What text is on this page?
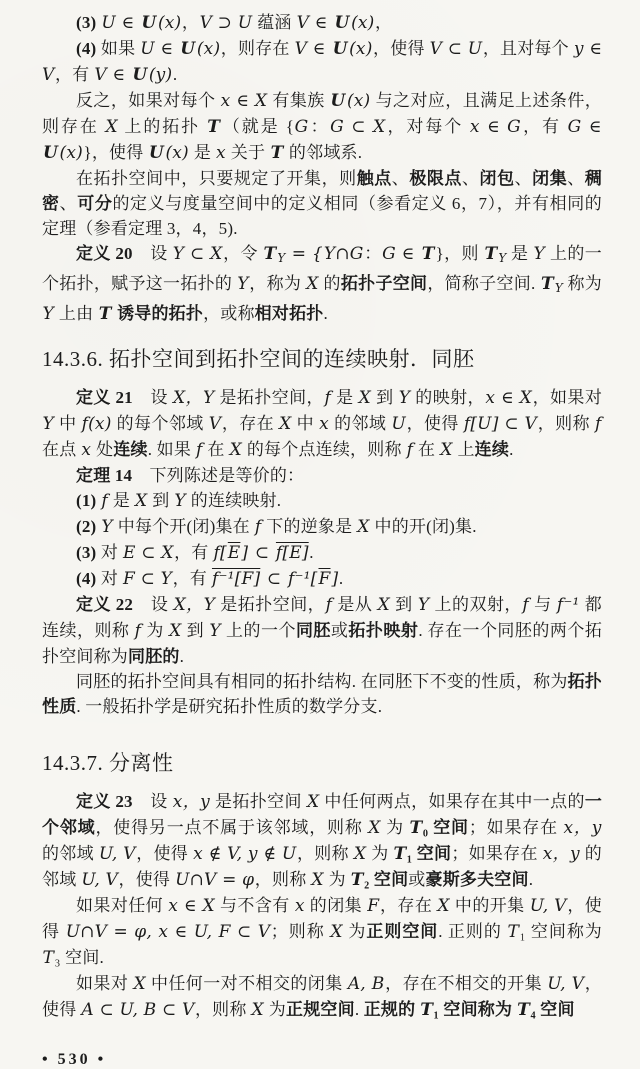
(3) U ∈ U(x)，V ⊃ U 蕴涵 V ∈ U(x)，

(4) 如果 U ∈ U(x)，则存在 V ∈ U(x)，使得 V ⊂ U，且对每个 y ∈ V，有 V ∈ U(y).

反之，如果对每个 x ∈ X 有集族 U(x) 与之对应，且满足上述条件，则存在 X 上的拓扑 T（就是 {G：G ⊂ X，对每个 x ∈ G，有 G ∈ U(x)}，使得 U(x) 是 x 关于 T 的邻域系.

在拓扑空间中，只要规定了开集，则触点、极限点、闭包、闭集、稠密、可分的定义与度量空间中的定义相同（参看定义 6，7），并有相同的定理（参看定理 3，4，5).

定义 20　设 Y ⊂ X，令 $T_Y$ = {Y∩G：G ∈ T}，则 $T_Y$ 是 Y 上的一个拓扑，赋予这一拓扑的 Y，称为 X 的拓扑子空间，简称子空间. $T_Y$ 称为 Y 上由 T 诱导的拓扑，或称相对拓扑.

14.3.6. 拓扑空间到拓扑空间的连续映射．同胚

定义 21　设 X，Y 是拓扑空间，f 是 X 到 Y 的映射，x ∈ X，如果对 Y 中 f(x) 的每个邻域 V，存在 X 中 x 的邻域 U，使得 f[U] ⊂ V，则称 f 在点 x 处连续. 如果 f 在 X 的每个点连续，则称 f 在 X 上连续.

定理 14　下列陈述是等价的：

(1) f 是 X 到 Y 的连续映射.

(2) Y 中每个开(闭)集在 f 下的逆象是 X 中的开(闭)集.

(3) 对 E ⊂ X，有 $f[\overline{E}]$ ⊂ f[E].

(4) 对 F ⊂ Y，有 f⁻¹[F] ⊂ $f^{-1}[\overline{F}]$.

定义 22　设 X，Y 是拓扑空间，f 是从 X 到 Y 上的双射，f 与 f⁻¹ 都连续，则称 f 为 X 到 Y 上的一个同胚或拓扑映射. 存在一个同胚的两个拓扑空间称为同胚的.

同胚的拓扑空间具有相同的拓扑结构. 在同胚下不变的性质，称为拓扑性质. 一般拓扑学是研究拓扑性质的数学分支.

14.3.7. 分离性

定义 23　设 x，y 是拓扑空间 X 中任何两点，如果存在其中一点的一个邻域，使得另一点不属于该邻域，则称 X 为 T₀ 空间；如果存在 x，y 的邻域 U, V，使得 x ∉ V, y ∉ U，则称 X 为 T₁ 空间；如果存在 x，y 的邻域 U, V，使得 U∩V = φ，则称 X 为 T₂ 空间或豪斯多夫空间.

如果对任何 x ∈ X 与不含有 x 的闭集 F，存在 X 中的开集 U, V，使得 U∩V = φ, x ∈ U, F ⊂ V；则称 X 为正则空间. 正则的 T₁ 空间称为 T₃ 空间.

如果对 X 中任何一对不相交的闭集 A, B，存在不相交的开集 U, V，使得 A ⊂ U, B ⊂ V，则称 X 为正规空间. 正规的 T₁ 空间称为 T₄ 空间

• 530 •
